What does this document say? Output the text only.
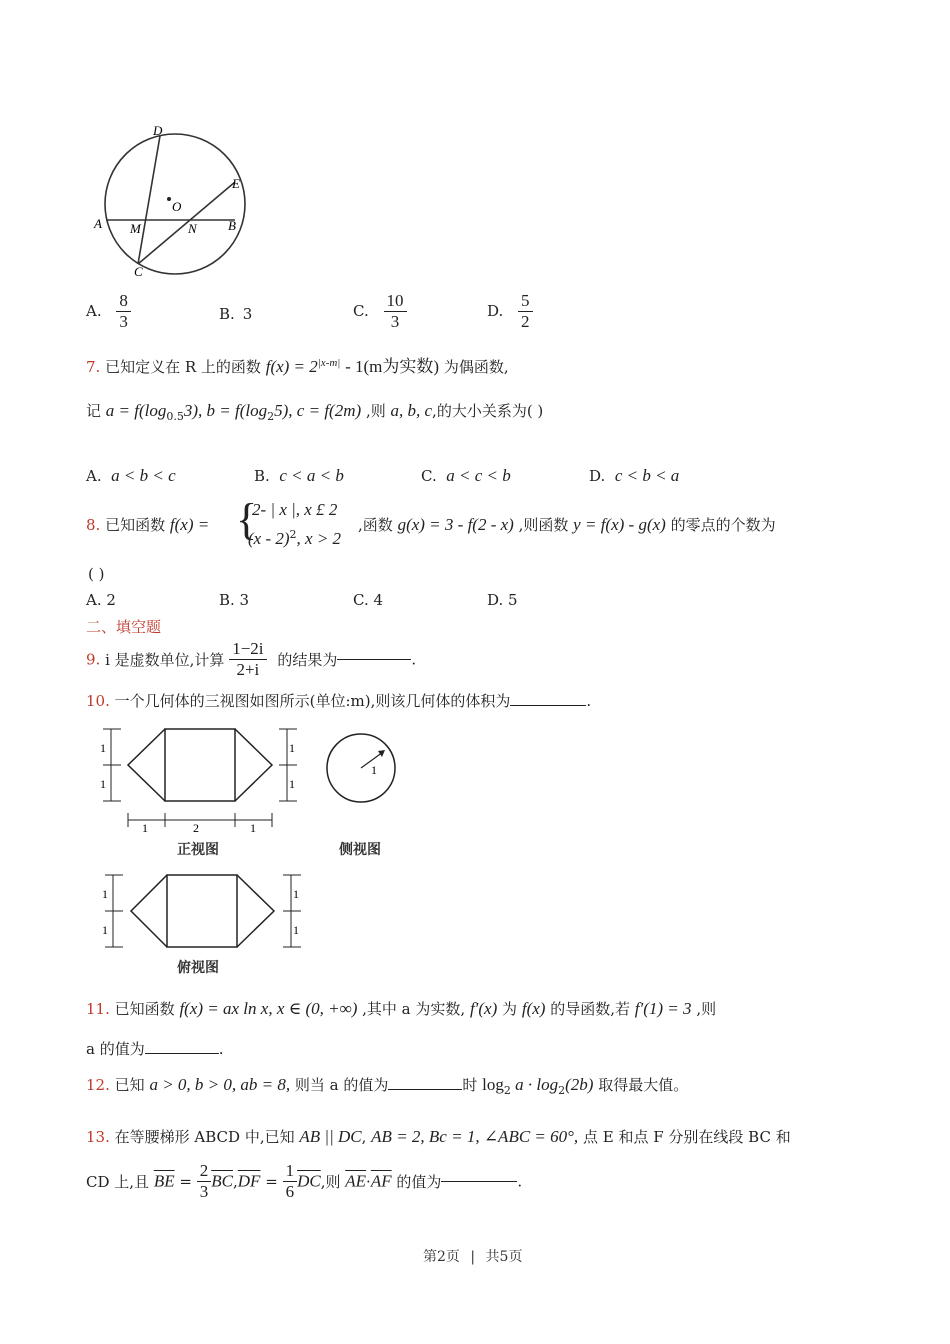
D
E
O
A M	N B
C
A. $\frac{8}{3}$	B. 3	C. $\frac{10}{3}$	D. $\frac{5}{2}$
7. 已知定义在 R 上的函数 $f(x) = 2^{|x-m|} - 1(m$为实数) 为偶函数,
记 $a = f(\log_{0.5}3)$, $b = f(\log_25)$, c = f(2m) ,则 a, b, c,的大小关系为( )
A. a < b < c	B. c < a < b	C. a < c < b	D. c < b < a
8. 已知函数 f(x) = {
2- | x |, x £ 2
(x - 2)$^2$, x > 2
,函数 g(x) = 3 - f(2 - x) ,则函数 y = f(x) - g(x) 的零点的个数为
( )
A. 2	B. 3	C. 4	D. 5
二、填空题
9. i 是虚数单位,计算 $\frac{1-2i}{2+i}$ 的结果为	.
10. 一个几何体的三视图如图所示(单位:m),则该几何体的体积为	.
1
1
1
1
1	2	1
正视图
1
侧视图
1
1
1
1
俯视图
11. 已知函数 f(x) = ax ln x, x ∈ (0, +∞) ,其中 a 为实数, f′(x) 为 f(x) 的导函数,若 f′(1) = 3 ,则
a 的值为	.
12. 已知 a > 0, b > 0, ab = 8, 则当 a 的值为	时 $\log_2 a \cdot \log_2(2b)$ 取得最大值。
13. 在等腰梯形 ABCD 中,已知 AB || DC, AB = 2, Bc = 1, ∠ABC = 60°, 点 E 和点 F 分别在线段 BC 和
CD 上,且 $\overline{BE} = \frac{2}{3} \overline{BC},\overline{DF} = \frac{1}{6} \overline{DC}$,则 $\overline{AE}\cdot\overline{AF}$ 的值为	.
第2页 | 共5页
